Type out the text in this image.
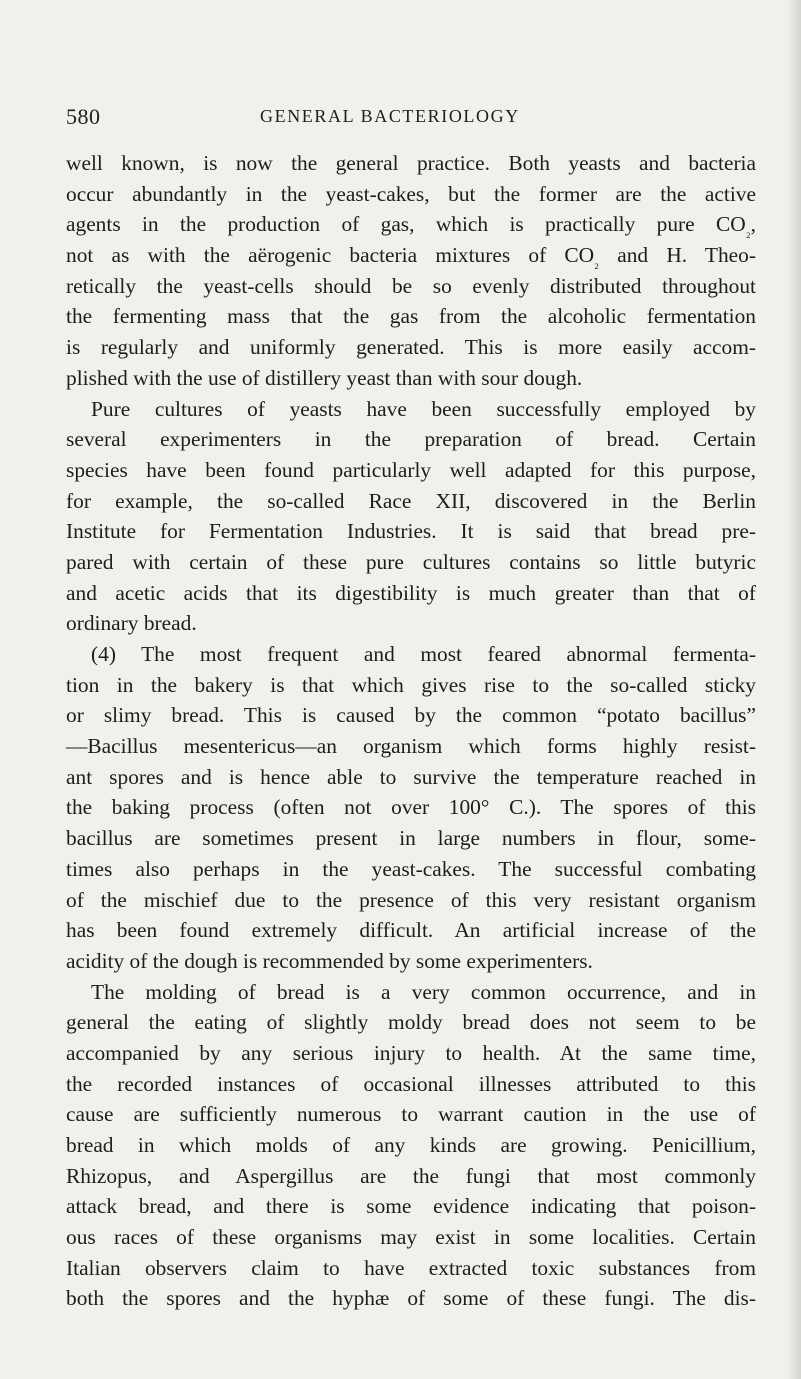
580	GENERAL BACTERIOLOGY
well known, is now the general practice. Both yeasts and bacteria
occur abundantly in the yeast-cakes, but the former are the active
agents in the production of gas, which is practically pure $CO_{_2}$,
not as with the aërogenic bacteria mixtures of $CO_{_2}$ and H. Theo-
retically the yeast-cells should be so evenly distributed throughout
the fermenting mass that the gas from the alcoholic fermentation
is regularly and uniformly generated. This is more easily accom-
plished with the use of distillery yeast than with sour dough.
Pure cultures of yeasts have been successfully employed by
several experimenters in the preparation of bread. Certain
species have been found particularly well adapted for this purpose,
for example, the so-called Race XII, discovered in the Berlin
Institute for Fermentation Industries. It is said that bread pre-
pared with certain of these pure cultures contains so little butyric
and acetic acids that its digestibility is much greater than that of
ordinary bread.
(4) The most frequent and most feared abnormal fermenta-
tion in the bakery is that which gives rise to the so-called sticky
or slimy bread. This is caused by the common “potato bacillus”
—Bacillus mesentericus—an organism which forms highly resist-
ant spores and is hence able to survive the temperature reached in
the baking process (often not over 100° C.). The spores of this
bacillus are sometimes present in large numbers in flour, some-
times also perhaps in the yeast-cakes. The successful combating
of the mischief due to the presence of this very resistant organism
has been found extremely difficult. An artificial increase of the
acidity of the dough is recommended by some experimenters.
The molding of bread is a very common occurrence, and in
general the eating of slightly moldy bread does not seem to be
accompanied by any serious injury to health. At the same time,
the recorded instances of occasional illnesses attributed to this
cause are sufficiently numerous to warrant caution in the use of
bread in which molds of any kinds are growing. Penicillium,
Rhizopus, and Aspergillus are the fungi that most commonly
attack bread, and there is some evidence indicating that poison-
ous races of these organisms may exist in some localities. Certain
Italian observers claim to have extracted toxic substances from
both the spores and the hyphæ of some of these fungi. The dis-
